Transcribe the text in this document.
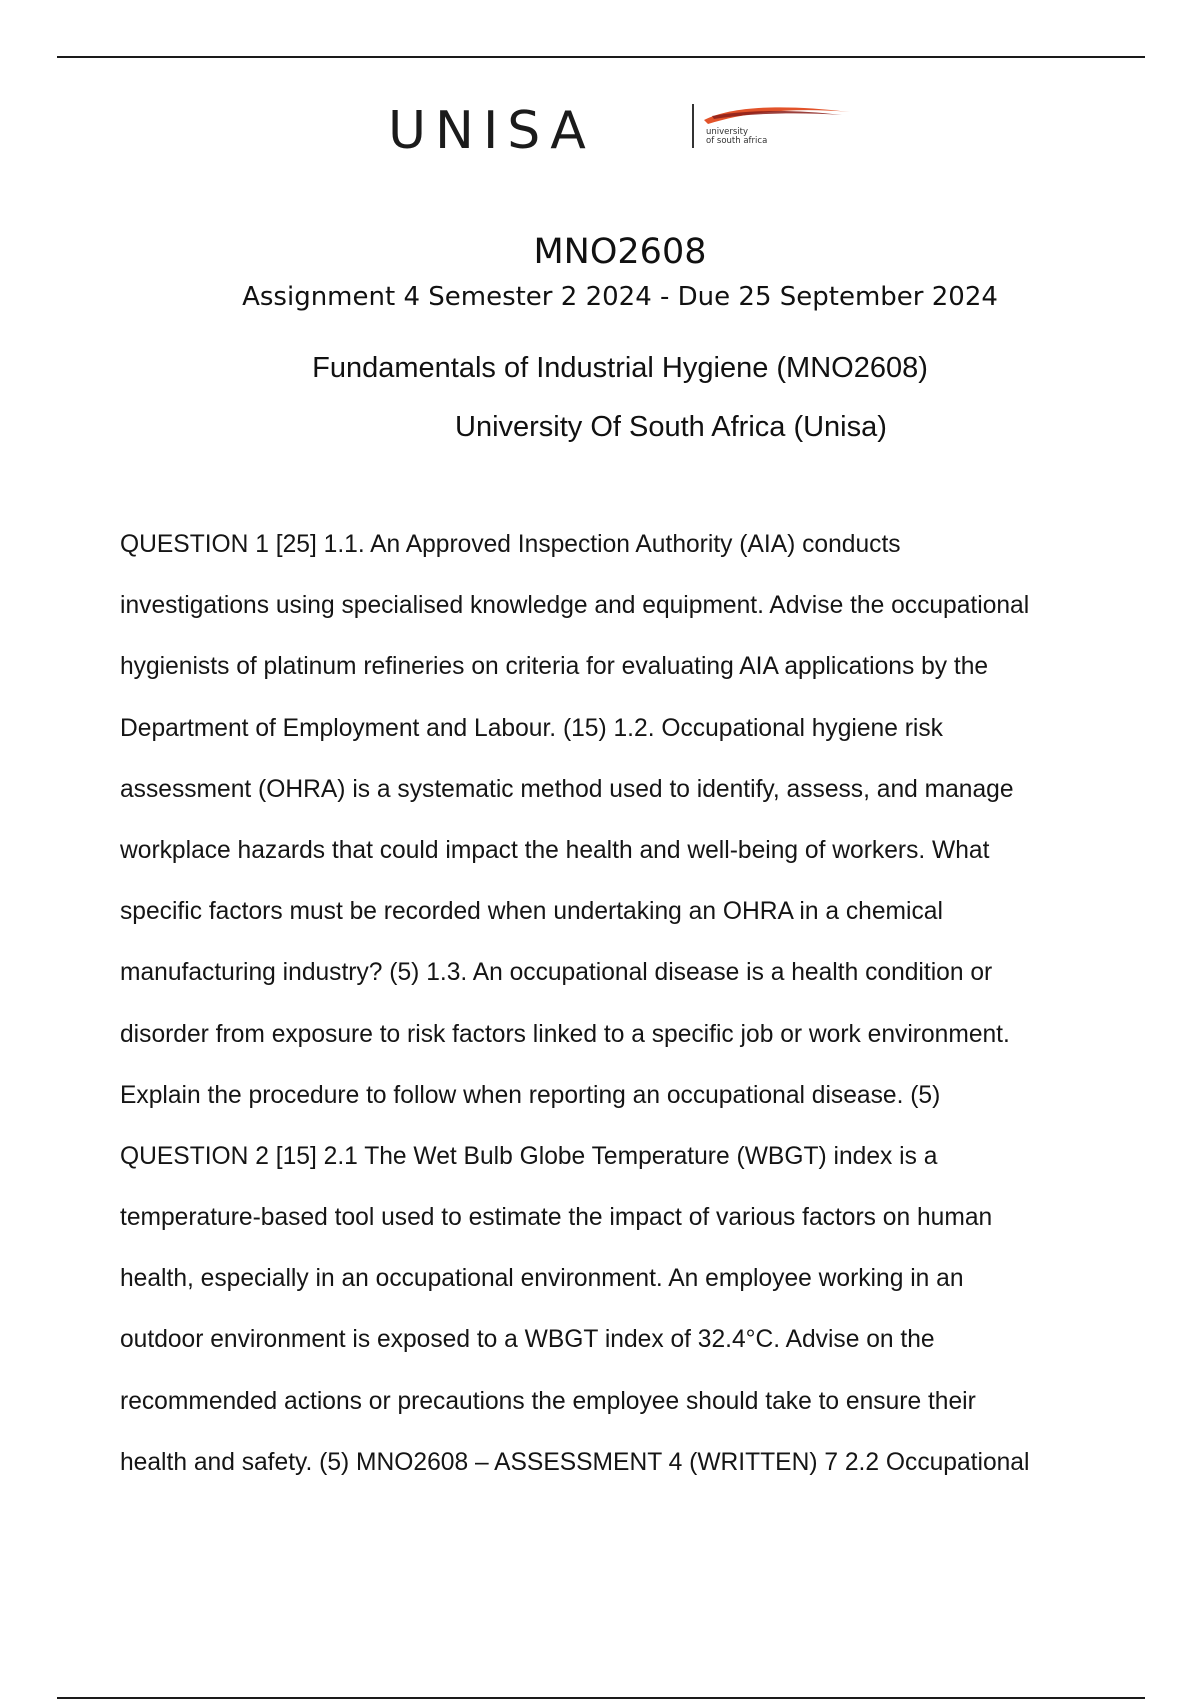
UNISA	university
of south africa
MNO2608
Assignment 4 Semester 2 2024 - Due 25 September 2024
Fundamentals of Industrial Hygiene (MNO2608)
University Of South Africa (Unisa)
QUESTION 1 [25] 1.1. An Approved Inspection Authority (AIA) conducts
investigations using specialised knowledge and equipment. Advise the occupational
hygienists of platinum refineries on criteria for evaluating AIA applications by the
Department of Employment and Labour. (15) 1.2. Occupational hygiene risk
assessment (OHRA) is a systematic method used to identify, assess, and manage
workplace hazards that could impact the health and well-being of workers. What
specific factors must be recorded when undertaking an OHRA in a chemical
manufacturing industry? (5) 1.3. An occupational disease is a health condition or
disorder from exposure to risk factors linked to a specific job or work environment.
Explain the procedure to follow when reporting an occupational disease. (5)
QUESTION 2 [15] 2.1 The Wet Bulb Globe Temperature (WBGT) index is a
temperature-based tool used to estimate the impact of various factors on human
health, especially in an occupational environment. An employee working in an
outdoor environment is exposed to a WBGT index of 32.4°C. Advise on the
recommended actions or precautions the employee should take to ensure their
health and safety. (5) MNO2608 – ASSESSMENT 4 (WRITTEN) 7 2.2 Occupational
